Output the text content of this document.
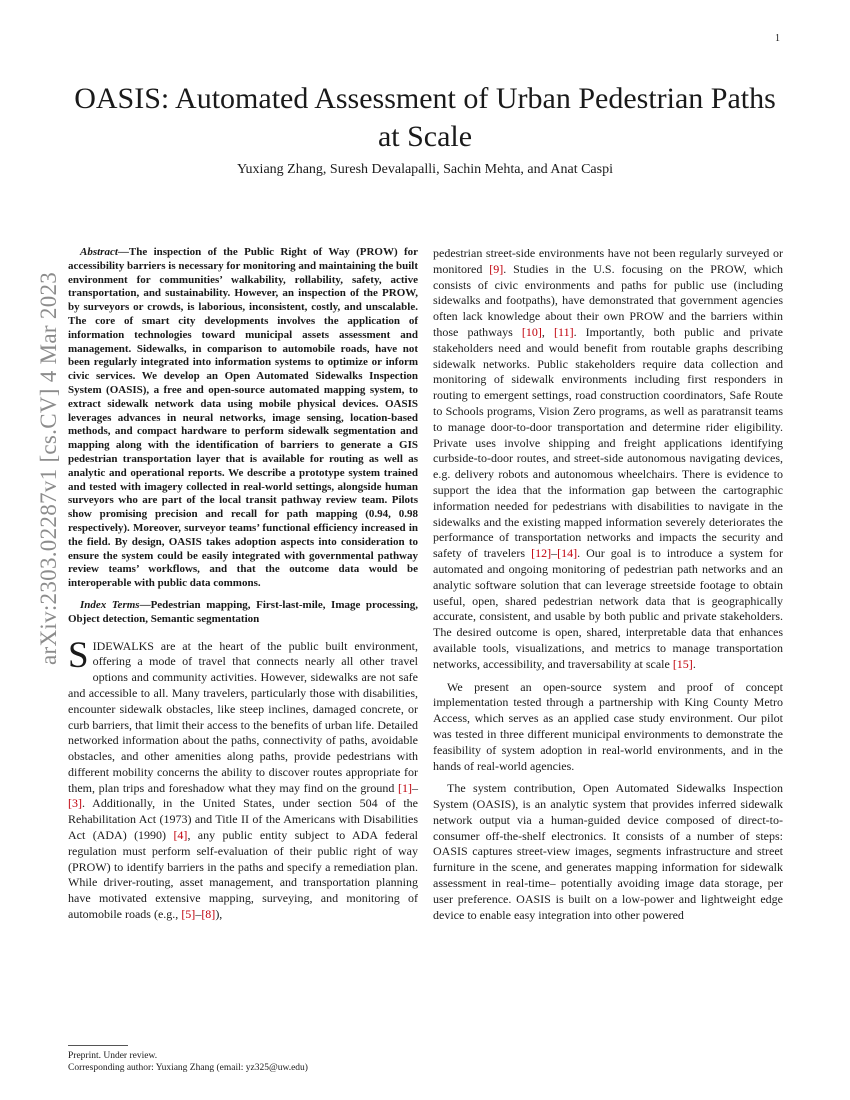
1
arXiv:2303.02287v1 [cs.CV] 4 Mar 2023
OASIS: Automated Assessment of Urban Pedestrian Paths at Scale
Yuxiang Zhang, Suresh Devalapalli, Sachin Mehta, and Anat Caspi

Abstract—The inspection of the Public Right of Way (PROW) for accessibility barriers is necessary for monitoring and maintaining the built environment for communities’ walkability, rollability, safety, active transportation, and sustainability. However, an inspection of the PROW, by surveyors or crowds, is laborious, inconsistent, costly, and unscalable. The core of smart city developments involves the application of information technologies toward municipal assets assessment and management. Sidewalks, in comparison to automobile roads, have not been regularly integrated into information systems to optimize or inform civic services. We develop an Open Automated Sidewalks Inspection System (OASIS), a free and open-source automated mapping system, to extract sidewalk network data using mobile physical devices. OASIS leverages advances in neural networks, image sensing, location-based methods, and compact hardware to perform sidewalk segmentation and mapping along with the identification of barriers to generate a GIS pedestrian transportation layer that is available for routing as well as analytic and operational reports. We describe a prototype system trained and tested with imagery collected in real-world settings, alongside human surveyors who are part of the local transit pathway review team. Pilots show promising precision and recall for path mapping (0.94, 0.98 respectively). Moreover, surveyor teams’ functional efficiency increased in the field. By design, OASIS takes adoption aspects into consideration to ensure the system could be easily integrated with governmental pathway review teams’ workflows, and that the outcome data would be interoperable with public data commons.

Index Terms—Pedestrian mapping, First-last-mile, Image processing, Object detection, Semantic segmentation

SIDEWALKS are at the heart of the public built environment, offering a mode of travel that connects nearly all other travel options and community activities. However, sidewalks are not safe and accessible to all. Many travelers, particularly those with disabilities, encounter sidewalk obstacles, like steep inclines, damaged concrete, or curb barriers, that limit their access to the benefits of urban life. Detailed networked information about the paths, connectivity of paths, avoidable obstacles, and other amenities along paths, provide pedestrians with different mobility concerns the ability to discover routes appropriate for them, plan trips and foreshadow what they may find on the ground [1]–[3]. Additionally, in the United States, under section 504 of the Rehabilitation Act (1973) and Title II of the Americans with Disabilities Act (ADA) (1990) [4], any public entity subject to ADA federal regulation must perform self-evaluation of their public right of way (PROW) to identify barriers in the paths and specify a remediation plan. While driver-routing, asset management, and transportation planning have motivated extensive mapping, surveying, and monitoring of automobile roads (e.g., [5]–[8]),

pedestrian street-side environments have not been regularly surveyed or monitored [9]. Studies in the U.S. focusing on the PROW, which consists of civic environments and paths for public use (including sidewalks and footpaths), have demonstrated that government agencies often lack knowledge about their own PROW and the barriers within those pathways [10], [11]. Importantly, both public and private stakeholders need and would benefit from routable graphs describing sidewalk networks. Public stakeholders require data collection and monitoring of sidewalk environments including first responders in routing to emergent settings, road construction coordinators, Safe Route to Schools programs, Vision Zero programs, as well as paratransit teams to manage door-to-door transportation and determine rider eligibility. Private uses involve shipping and freight applications identifying curbside-to-door routes, and street-side autonomous navigating devices, e.g. delivery robots and autonomous wheelchairs. There is evidence to support the idea that the information gap between the cartographic information needed for pedestrians with disabilities to navigate in the sidewalks and the existing mapped information severely deteriorates the performance of transportation networks and impacts the security and safety of travelers [12]–[14]. Our goal is to introduce a system for automated and ongoing monitoring of pedestrian path networks and an analytic software solution that can leverage streetside footage to obtain useful, open, shared pedestrian network data that is geographically accurate, consistent, and usable by both public and private stakeholders. The desired outcome is open, shared, interpretable data that enhances available tools, visualizations, and metrics to manage transportation networks, accessibility, and traversability at scale [15].

We present an open-source system and proof of concept implementation tested through a partnership with King County Metro Access, which serves as an applied case study environment. Our pilot was tested in three different municipal environments to demonstrate the feasibility of system adoption in real-world environments, and in the hands of real-world agencies.

The system contribution, Open Automated Sidewalks Inspection System (OASIS), is an analytic system that provides inferred sidewalk network output via a human-guided device composed of direct-to-consumer off-the-shelf electronics. It consists of a number of steps: OASIS captures street-view images, segments infrastructure and street furniture in the scene, and generates mapping information for sidewalk assessment in real-time– potentially avoiding image data storage, per user preference. OASIS is built on a low-power and lightweight edge device to enable easy integration into other powered

Preprint. Under review.
Corresponding author: Yuxiang Zhang (email: yz325@uw.edu)
